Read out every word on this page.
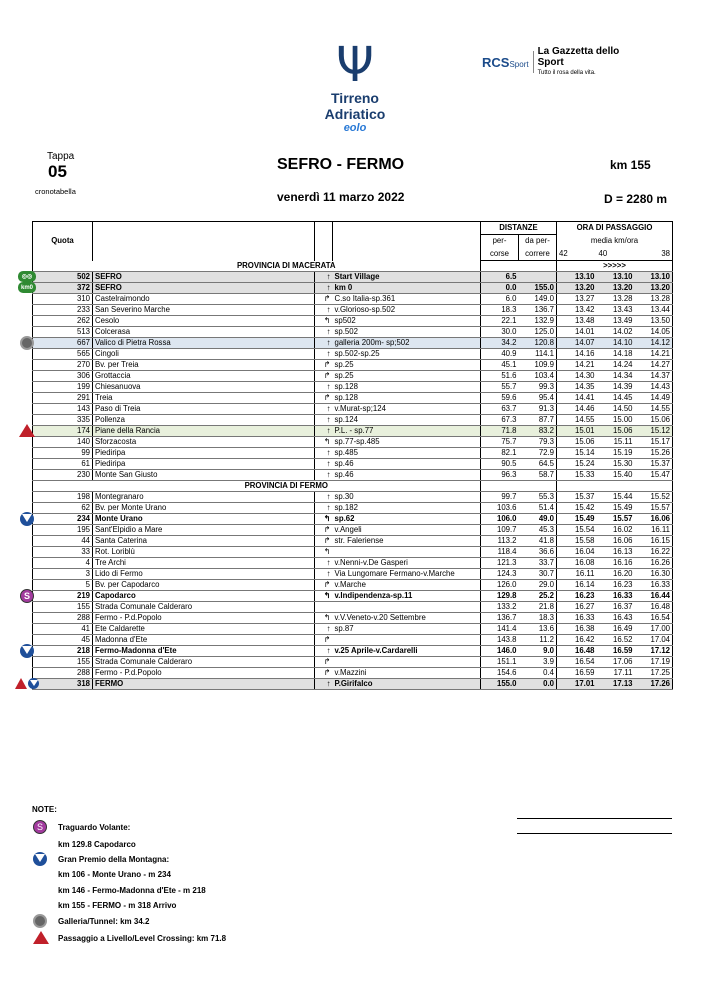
Ψ
Tirreno Adriatico
eolo
RCSSport
La Gazzetta dello Sport
Tutto il rosa della vita.
Tappa
05
cronotabella
SEFRO - FERMO	km 155
venerdì 11 marzo 2022	D = 2280 m
Quota				DISTANZE		ORA DI PASSAGGIO		
				per-	da per-	media km/ora		
				corse	correre	42	40	38
	PROVINCIA DI MACERATA					>>>>>		
502	SEFRO	↑	Start Village	6.5		13.10	13.10	13.10
372	SEFRO	↑	km 0	0.0	155.0	13.20	13.20	13.20
310	Castelraimondo	↱	C.so Italia-sp.361	6.0	149.0	13.27	13.28	13.28
233	San Severino Marche	↑	v.Glorioso-sp.502	18.3	136.7	13.42	13.43	13.44
262	Cesolo	↰	sp502	22.1	132.9	13.48	13.49	13.50
513	Colcerasa	↑	sp.502	30.0	125.0	14.01	14.02	14.05
667	Valico di Pietra Rossa	↑	galleria 200m- sp;502	34.2	120.8	14.07	14.10	14.12
565	Cingoli	↑	sp.502-sp.25	40.9	114.1	14.16	14.18	14.21
270	Bv. per Treia	↱	sp.25	45.1	109.9	14.21	14.24	14.27
306	Grottaccia	↱	sp.25	51.6	103.4	14.30	14.34	14.37
199	Chiesanuova	↑	sp.128	55.7	99.3	14.35	14.39	14.43
291	Treia	↱	sp.128	59.6	95.4	14.41	14.45	14.49
143	Paso di Treia	↑	v.Murat-sp;124	63.7	91.3	14.46	14.50	14.55
335	Pollenza	↑	sp.124	67.3	87.7	14.55	15.00	15.06
174	Piane della Rancia	↑	P.L. - sp.77	71.8	83.2	15.01	15.06	15.12
140	Sforzacosta	↰	sp.77-sp.485	75.7	79.3	15.06	15.11	15.17
99	Piediripa	↑	sp.485	82.1	72.9	15.14	15.19	15.26
61	Piediripa	↑	sp.46	90.5	64.5	15.24	15.30	15.37
230	Monte San Giusto	↑	sp.46	96.3	58.7	15.33	15.40	15.47
	PROVINCIA DI FERMO							
198	Montegranaro	↑	sp.30	99.7	55.3	15.37	15.44	15.52
62	Bv. per Monte Urano	↑	sp.182	103.6	51.4	15.42	15.49	15.57
234	Monte Urano	↰	sp.62	106.0	49.0	15.49	15.57	16.06
195	Sant'Elpidio a Mare	↱	v.Angeli	109.7	45.3	15.54	16.02	16.11
44	Santa Caterina	↱	str. Faleriense	113.2	41.8	15.58	16.06	16.15
33	Rot. Loriblù	↰		118.4	36.6	16.04	16.13	16.22
4	Tre Archi	↑	v.Nenni-v.De Gasperi	121.3	33.7	16.08	16.16	16.26
3	Lido di Fermo	↑	Via Lungomare Fermano-v.Marche	124.3	30.7	16.11	16.20	16.30
5	Bv. per Capodarco	↱	v.Marche	126.0	29.0	16.14	16.23	16.33
219	Capodarco	↰	v.Indipendenza-sp.11	129.8	25.2	16.23	16.33	16.44
155	Strada Comunale Calderaro			133.2	21.8	16.27	16.37	16.48
288	Fermo - P.d.Popolo	↰	v.V.Veneto-v.20 Settembre	136.7	18.3	16.33	16.43	16.54
41	Ete Caldarette	↑	sp.87	141.4	13.6	16.38	16.49	17.00
45	Madonna d'Ete	↱		143.8	11.2	16.42	16.52	17.04
218	Fermo-Madonna d'Ete	↑	v.25 Aprile-v.Cardarelli	146.0	9.0	16.48	16.59	17.12
155	Strada Comunale Calderaro	↱		151.1	3.9	16.54	17.06	17.19
288	Fermo - P.d.Popolo	↱	v.Mazzini	154.6	0.4	16.59	17.11	17.25
318	FERMO	↑	P.Girifalco	155.0	0.0	17.01	17.13	17.26
◎◎
km0
S
NOTE:
S	Traguardo Volante:
km 129.8 Capodarco
Gran Premio della Montagna:
km 106 - Monte Urano - m 234
km 146 - Fermo-Madonna d'Ete - m 218
km 155 - FERMO - m 318 Arrivo
Galleria/Tunnel: km 34.2
Passaggio a Livello/Level Crossing: km 71.8
